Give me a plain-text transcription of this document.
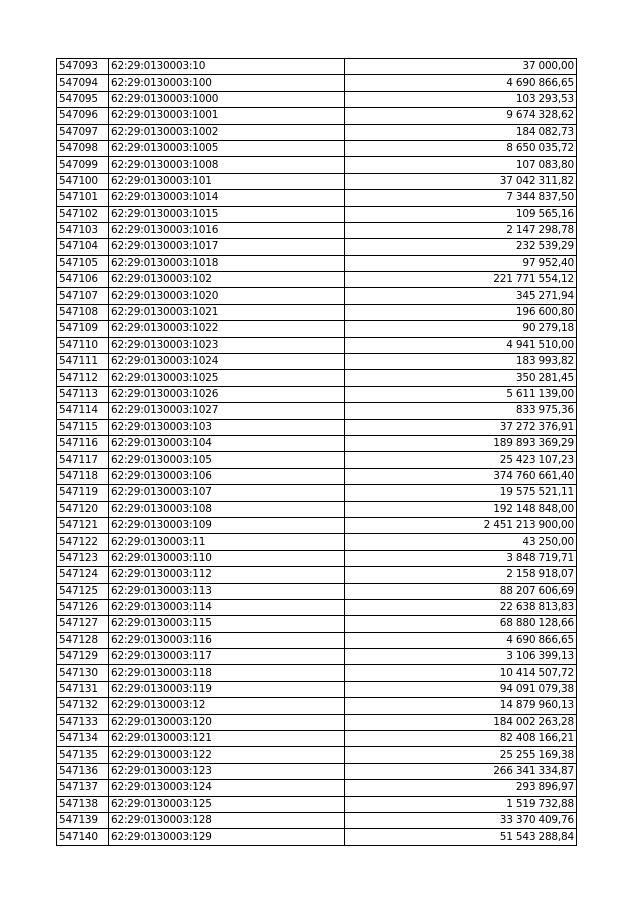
547093	62:29:0130003:10	37 000,00
547094	62:29:0130003:100	4 690 866,65
547095	62:29:0130003:1000	103 293,53
547096	62:29:0130003:1001	9 674 328,62
547097	62:29:0130003:1002	184 082,73
547098	62:29:0130003:1005	8 650 035,72
547099	62:29:0130003:1008	107 083,80
547100	62:29:0130003:101	37 042 311,82
547101	62:29:0130003:1014	7 344 837,50
547102	62:29:0130003:1015	109 565,16
547103	62:29:0130003:1016	2 147 298,78
547104	62:29:0130003:1017	232 539,29
547105	62:29:0130003:1018	97 952,40
547106	62:29:0130003:102	221 771 554,12
547107	62:29:0130003:1020	345 271,94
547108	62:29:0130003:1021	196 600,80
547109	62:29:0130003:1022	90 279,18
547110	62:29:0130003:1023	4 941 510,00
547111	62:29:0130003:1024	183 993,82
547112	62:29:0130003:1025	350 281,45
547113	62:29:0130003:1026	5 611 139,00
547114	62:29:0130003:1027	833 975,36
547115	62:29:0130003:103	37 272 376,91
547116	62:29:0130003:104	189 893 369,29
547117	62:29:0130003:105	25 423 107,23
547118	62:29:0130003:106	374 760 661,40
547119	62:29:0130003:107	19 575 521,11
547120	62:29:0130003:108	192 148 848,00
547121	62:29:0130003:109	2 451 213 900,00
547122	62:29:0130003:11	43 250,00
547123	62:29:0130003:110	3 848 719,71
547124	62:29:0130003:112	2 158 918,07
547125	62:29:0130003:113	88 207 606,69
547126	62:29:0130003:114	22 638 813,83
547127	62:29:0130003:115	68 880 128,66
547128	62:29:0130003:116	4 690 866,65
547129	62:29:0130003:117	3 106 399,13
547130	62:29:0130003:118	10 414 507,72
547131	62:29:0130003:119	94 091 079,38
547132	62:29:0130003:12	14 879 960,13
547133	62:29:0130003:120	184 002 263,28
547134	62:29:0130003:121	82 408 166,21
547135	62:29:0130003:122	25 255 169,38
547136	62:29:0130003:123	266 341 334,87
547137	62:29:0130003:124	293 896,97
547138	62:29:0130003:125	1 519 732,88
547139	62:29:0130003:128	33 370 409,76
547140	62:29:0130003:129	51 543 288,84
